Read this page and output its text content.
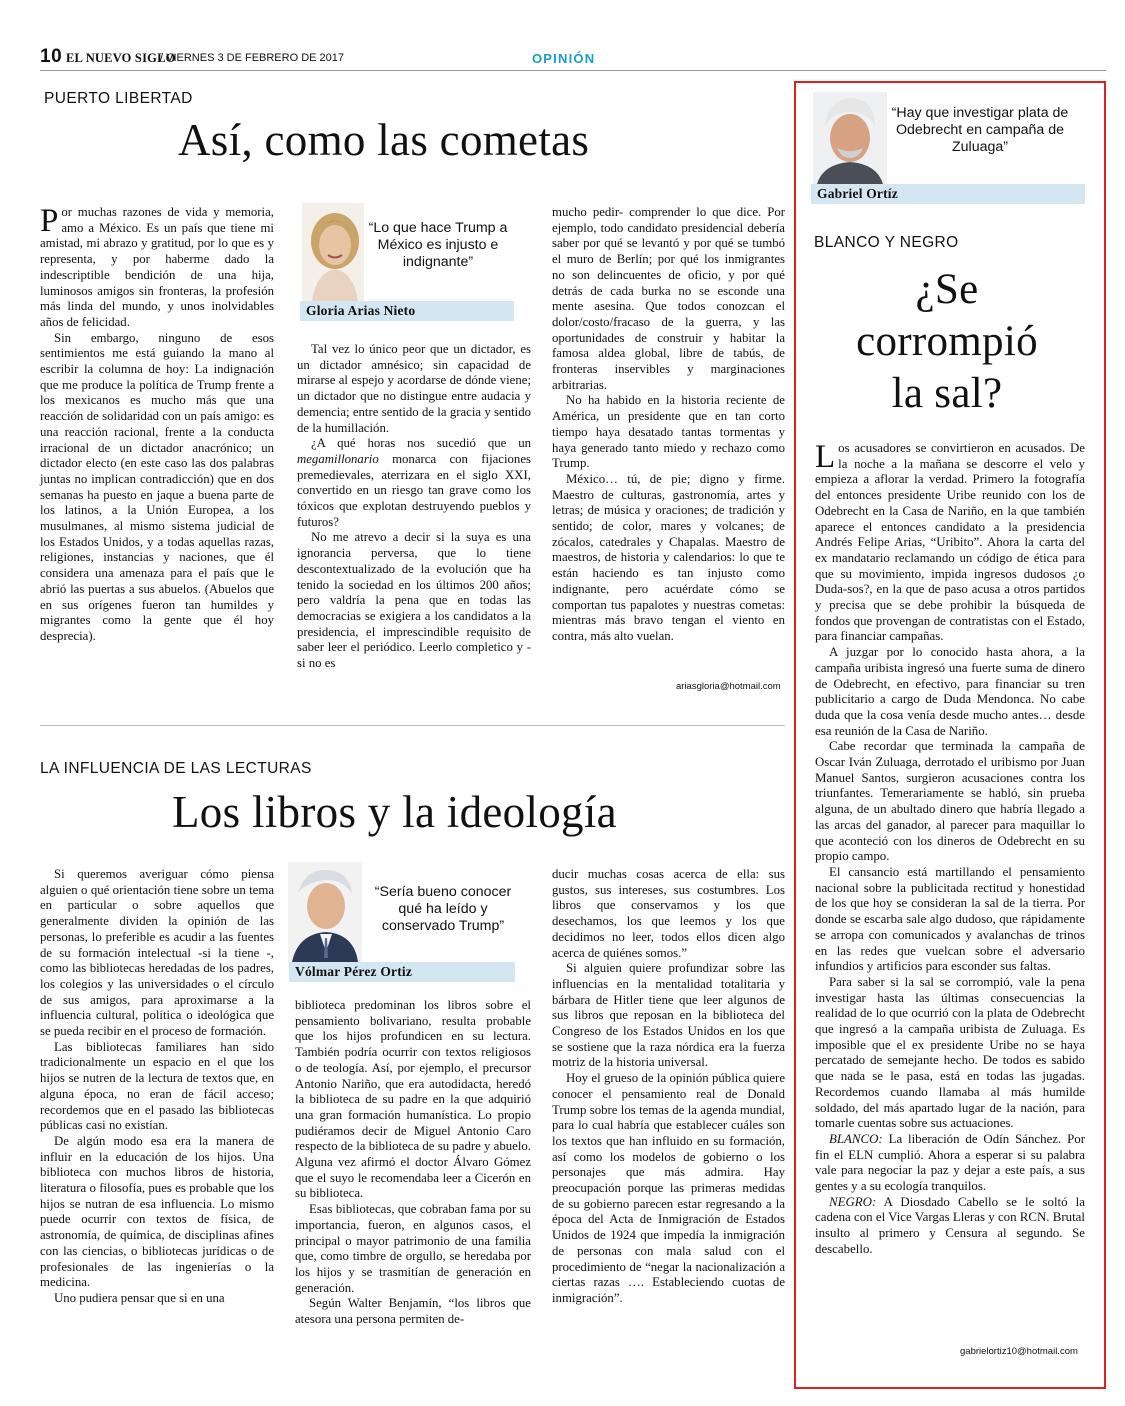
10 EL NUEVO SIGLO
/ VIERNES 3 DE FEBRERO DE 2017	OPINIÓN
PUERTO LIBERTAD
Así, como las cometas

Por muchas razones de vida y memoria, amo a México. Es un país que tiene mi amistad, mi abrazo y gratitud, por lo que es y representa, y por haberme dado la indescriptible bendición de una hija, luminosos amigos sin fronteras, la profesión más linda del mundo, y unos inolvidables años de felicidad.

Sin embargo, ninguno de esos sentimientos me está guiando la mano al escribir la columna de hoy: La indignación que me produce la política de Trump frente a los mexicanos es mucho más que una reacción de solidaridad con un país amigo: es una reacción racional, frente a la conducta irracional de un dictador anacrónico; un dictador electo (en este caso las dos palabras juntas no implican contradicción) que en dos semanas ha puesto en jaque a buena parte de los latinos, a la Unión Europea, a los musulmanes, al mismo sistema judicial de los Estados Unidos, y a todas aquellas razas, religiones, instancias y naciones, que él considera una amenaza para el país que le abrió las puertas a sus abuelos. (Abuelos que en sus orígenes fueron tan humildes y migrantes como la gente que él hoy desprecia).

“Lo que hace Trump a México es injusto e indignante”
Gloria Arias Nieto

Tal vez lo único peor que un dictador, es un dictador amnésico; sin capacidad de mirarse al espejo y acordarse de dónde viene; un dictador que no distingue entre audacia y demencia; entre sentido de la gracia y sentido de la humillación.

¿A qué horas nos sucedió que un megamillonario monarca con fijaciones premedievales, aterrizara en el siglo XXI, convertido en un riesgo tan grave como los tóxicos que explotan destruyendo pueblos y futuros?

No me atrevo a decir si la suya es una ignorancia perversa, que lo tiene descontextualizado de la evolución que ha tenido la sociedad en los últimos 200 años; pero valdría la pena que en todas las democracias se exigiera a los candidatos a la presidencia, el imprescindible requisito de saber leer el periódico. Leerlo completico y -si no es

mucho pedir- comprender lo que dice. Por ejemplo, todo candidato presidencial debería saber por qué se levantó y por qué se tumbó el muro de Berlín; por qué los inmigrantes no son delincuentes de oficio, y por qué detrás de cada burka no se esconde una mente asesina. Que todos conozcan el dolor/costo/fracaso de la guerra, y las oportunidades de construir y habitar la famosa aldea global, libre de tabús, de fronteras inservibles y marginaciones arbitrarias.

No ha habido en la historia reciente de América, un presidente que en tan corto tiempo haya desatado tantas tormentas y haya generado tanto miedo y rechazo como Trump.

México… tú, de pie; digno y firme. Maestro de culturas, gastronomía, artes y letras; de música y oraciones; de tradición y sentido; de color, mares y volcanes; de zócalos, catedrales y Chapalas. Maestro de maestros, de historia y calendarios: lo que te están haciendo es tan injusto como indignante, pero acuérdate cómo se comportan tus papalotes y nuestras cometas: mientras más bravo tengan el viento en contra, más alto vuelan.

ariasgloria@hotmail.com
LA INFLUENCIA DE LAS LECTURAS
Los libros y la ideología

Si queremos averiguar cómo piensa alguien o qué orientación tiene sobre un tema en particular o sobre aquellos que generalmente dividen la opinión de las personas, lo preferible es acudir a las fuentes de su formación intelectual -si la tiene -, como las bibliotecas heredadas de los padres, los colegios y las universidades o el círculo de sus amigos, para aproximarse a la influencia cultural, política o ideológica que se pueda recibir en el proceso de formación.

Las bibliotecas familiares han sido tradicionalmente un espacio en el que los hijos se nutren de la lectura de textos que, en alguna época, no eran de fácil acceso; recordemos que en el pasado las bibliotecas públicas casi no existían.

De algún modo esa era la manera de influir en la educación de los hijos. Una biblioteca con muchos libros de historia, literatura o filosofía, pues es probable que los hijos se nutran de esa influencia. Lo mismo puede ocurrir con textos de física, de astronomía, de química, de disciplinas afines con las ciencias, o bibliotecas jurídicas o de profesionales de las ingenierías o la medicina.

Uno pudiera pensar que si en una

“Sería bueno conocer qué ha leído y conservado Trump”
Vólmar Pérez Ortiz

biblioteca predominan los libros sobre el pensamiento bolivariano, resulta probable que los hijos profundicen en su lectura. También podría ocurrir con textos religiosos o de teología. Así, por ejemplo, el precursor Antonio Nariño, que era autodidacta, heredó la biblioteca de su padre en la que adquirió una gran formación humanística. Lo propio pudiéramos decir de Miguel Antonio Caro respecto de la biblioteca de su padre y abuelo. Alguna vez afirmó el doctor Álvaro Gómez que el suyo le recomendaba leer a Cicerón en su biblioteca.

Esas bibliotecas, que cobraban fama por su importancia, fueron, en algunos casos, el principal o mayor patrimonio de una familia que, como timbre de orgullo, se heredaba por los hijos y se trasmitían de generación en generación.

Según Walter Benjamín, “los libros que atesora una persona permiten de-

ducir muchas cosas acerca de ella: sus gustos, sus intereses, sus costumbres. Los libros que conservamos y los que desechamos, los que leemos y los que decidimos no leer, todos ellos dicen algo acerca de quiénes somos.”

Si alguien quiere profundizar sobre las influencias en la mentalidad totalitaria y bárbara de Hitler tiene que leer algunos de sus libros que reposan en la biblioteca del Congreso de los Estados Unidos en los que se sostiene que la raza nórdica era la fuerza motriz de la historia universal.

Hoy el grueso de la opinión pública quiere conocer el pensamiento real de Donald Trump sobre los temas de la agenda mundial, para lo cual habría que establecer cuáles son los textos que han influido en su formación, así como los modelos de gobierno o los personajes que más admira. Hay preocupación porque las primeras medidas de su gobierno parecen estar regresando a la época del Acta de Inmigración de Estados Unidos de 1924 que impedía la inmigración de personas con mala salud con el procedimiento de “negar la nacionalización a ciertas razas …. Estableciendo cuotas de inmigración”.

“Hay que investigar plata de Odebrecht en campaña de Zuluaga”
Gabriel Ortíz
BLANCO Y NEGRO
¿Se
corrompió
la sal?

Los acusadores se convirtieron en acusados. De la noche a la mañana se descorre el velo y empieza a aflorar la verdad. Primero la fotografía del entonces presidente Uribe reunido con los de Odebrecht en la Casa de Nariño, en la que también aparece el entonces candidato a la presidencia Andrés Felipe Arias, “Uribito”. Ahora la carta del ex mandatario reclamando un código de ética para que su movimiento, impida ingresos dudosos ¿o Duda-sos?, en la que de paso acusa a otros partidos y precisa que se debe prohibir la búsqueda de fondos que provengan de contratistas con el Estado, para financiar campañas.

A juzgar por lo conocido hasta ahora, a la campaña uribista ingresó una fuerte suma de dinero de Odebrecht, en efectivo, para financiar su tren publicitario a cargo de Duda Mendonca. No cabe duda que la cosa venía desde mucho antes… desde esa reunión de la Casa de Nariño.

Cabe recordar que terminada la campaña de Oscar Iván Zuluaga, derrotado el uribismo por Juan Manuel Santos, surgieron acusaciones contra los triunfantes. Temerariamente se habló, sin prueba alguna, de un abultado dinero que habría llegado a las arcas del ganador, al parecer para maquillar lo que aconteció con los dineros de Odebrecht en su propio campo.

El cansancio está martillando el pensamiento nacional sobre la publicitada rectitud y honestidad de los que hoy se consideran la sal de la tierra. Por donde se escarba sale algo dudoso, que rápidamente se arropa con comunicados y avalanchas de trinos en las redes que vuelcan sobre el adversario infundios y artificios para esconder sus faltas.

Para saber si la sal se corrompió, vale la pena investigar hasta las últimas consecuencias la realidad de lo que ocurrió con la plata de Odebrecht que ingresó a la campaña uribista de Zuluaga. Es imposible que el ex presidente Uribe no se haya percatado de semejante hecho. De todos es sabido que nada se le pasa, está en todas las jugadas. Recordemos cuando llamaba al más humilde soldado, del más apartado lugar de la nación, para tomarle cuentas sobre sus actuaciones.

BLANCO: La liberación de Odín Sánchez. Por fin el ELN cumplió. Ahora a esperar si su palabra vale para negociar la paz y dejar a este país, a sus gentes y a su ecología tranquilos.

NEGRO: A Diosdado Cabello se le soltó la cadena con el Vice Vargas Lleras y con RCN. Brutal insulto al primero y Censura al segundo. Se descabello.

gabrielortiz10@hotmail.com
